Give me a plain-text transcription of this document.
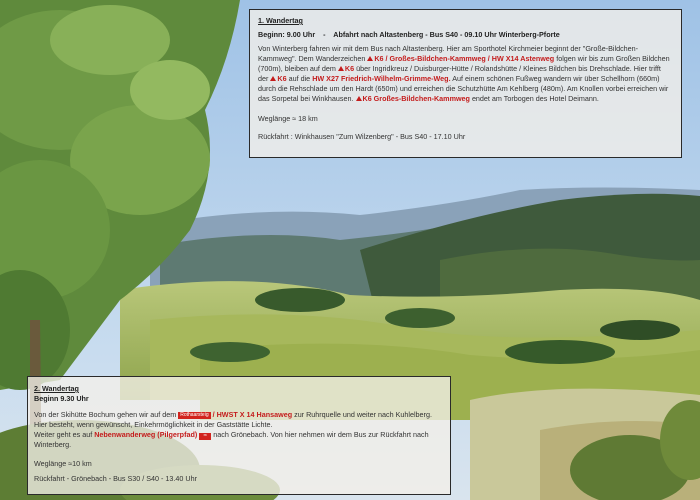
1. Wandertag

Beginn: 9.00 Uhr - Abfahrt nach Altastenberg - Bus S40 - 09.10 Uhr Winterberg-Pforte

Von Winterberg fahren wir mit dem Bus nach Altastenberg. Hier am Sporthotel Kirchmeier beginnt der "Große-Bildchen-Kammweg". Dem Wanderzeichen K6 / Großes-Bildchen-Kammweg / HW X14 Astenweg folgen wir bis zum Großen Bildchen (700m), bleiben auf dem K6 über Ingridkreuz / Duisburger-Hütte / Rolandshütte / Kleines Bildchen bis Drehschlade. Hier trifft der K6 auf die HW X27 Friedrich-Wilhelm-Grimme-Weg. Auf einem schönen Fußweg wandern wir über Schellhorn (660m) durch die Rehschlade um den Hardt (650m) und erreichen die Schutzhütte Am Kehlberg (480m). Am Knollen vorbei erreichen wir das Sorpetal bei Winkhausen. K6 Großes-Bildchen-Kammweg endet am Torbogen des Hotel Deimann.

Weglänge ≈ 18 km

Rückfahrt : Winkhausen "Zum Wilzenberg" - Bus S40 - 17.10 Uhr

2. Wandertag

Beginn 9.30 Uhr

Von der Skihütte Bochum gehen wir auf dem Rothaarsteig / HWST X 14 Hansaweg zur Ruhrquelle und weiter nach Kuhlelberg. Hier besteht, wenn gewünscht, Einkehrmöglichkeit in der Gaststätte Lichte.
Weiter geht es auf Nebenwanderweg (Pilgerpfad) ≈ nach Grönebach. Von hier nehmen wir dem Bus zur Rückfahrt nach Winterberg.

Weglänge ≈10 km

Rückfahrt - Grönebach - Bus S30 / S40 - 13.40 Uhr
